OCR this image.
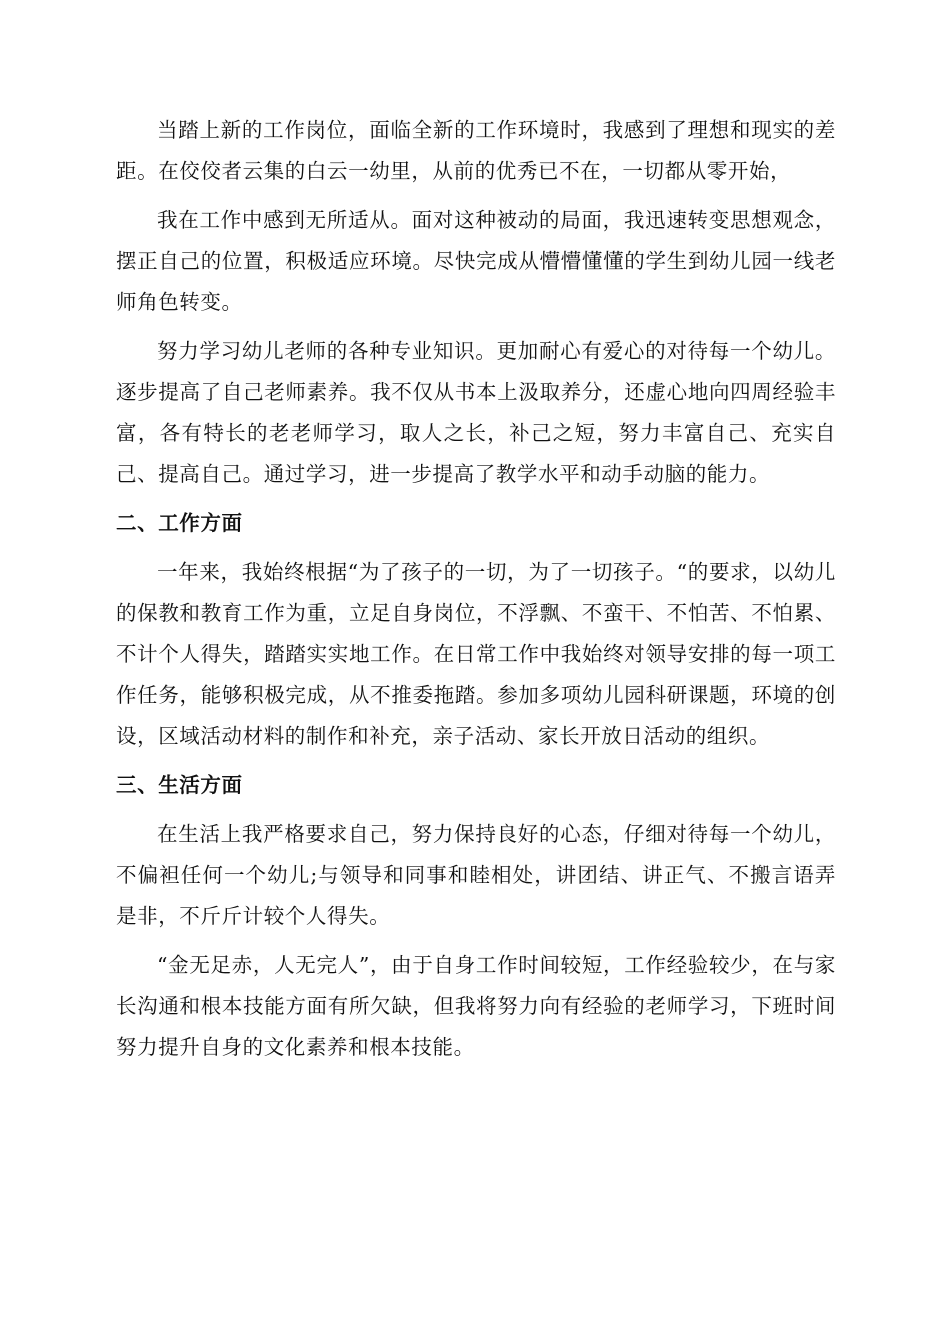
当踏上新的工作岗位，面临全新的工作环境时，我感到了理想和现实的差距。在佼佼者云集的白云一幼里，从前的优秀已不在，一切都从零开始，

我在工作中感到无所适从。面对这种被动的局面，我迅速转变思想观念，摆正自己的位置，积极适应环境。尽快完成从懵懵懂懂的学生到幼儿园一线老师角色转变。

努力学习幼儿老师的各种专业知识。更加耐心有爱心的对待每一个幼儿。逐步提高了自己老师素养。我不仅从书本上汲取养分，还虚心地向四周经验丰富，各有特长的老老师学习，取人之长，补己之短，努力丰富自己、充实自己、提高自己。通过学习，进一步提高了教学水平和动手动脑的能力。

二、工作方面

一年来，我始终根据“为了孩子的一切，为了一切孩子。“的要求，以幼儿的保教和教育工作为重，立足自身岗位，不浮飘、不蛮干、不怕苦、不怕累、不计个人得失，踏踏实实地工作。在日常工作中我始终对领导安排的每一项工作任务，能够积极完成，从不推委拖踏。参加多项幼儿园科研课题，环境的创设，区域活动材料的制作和补充，亲子活动、家长开放日活动的组织。

三、生活方面

在生活上我严格要求自己，努力保持良好的心态，仔细对待每一个幼儿，不偏袒任何一个幼儿;与领导和同事和睦相处，讲团结、讲正气、不搬言语弄是非，不斤斤计较个人得失。

“金无足赤，人无完人”，由于自身工作时间较短，工作经验较少，在与家长沟通和根本技能方面有所欠缺，但我将努力向有经验的老师学习，下班时间努力提升自身的文化素养和根本技能。
